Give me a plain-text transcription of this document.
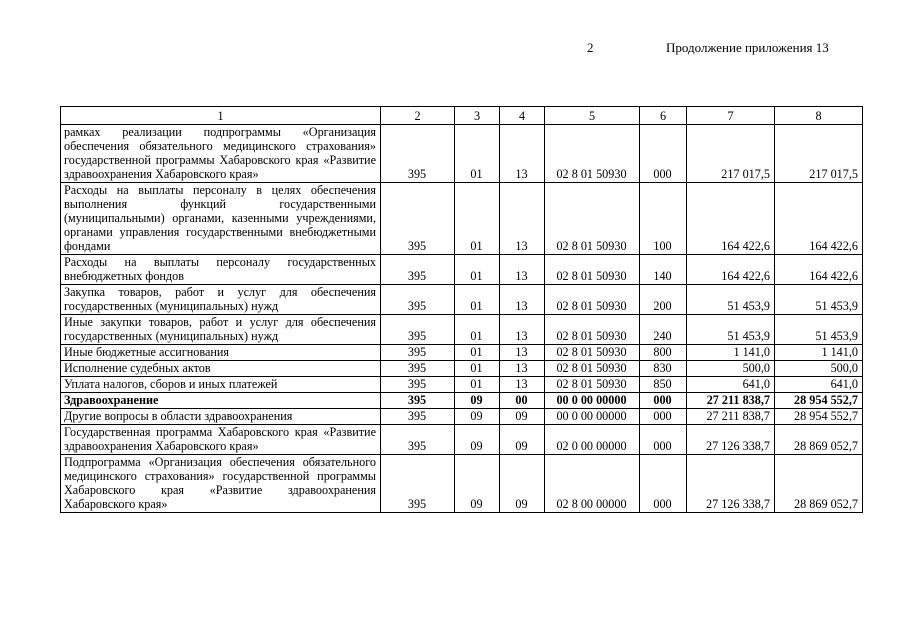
2	Продолжение приложения 13
1	2	3	4	5	6	7	8
рамках реализации подпрограммы «Организация обеспечения обязательного медицинского страхования» государственной программы Хабаровского края «Развитие здравоохранения Хабаровского края»	395	01	13	02 8 01 50930	000	217 017,5	217 017,5
Расходы на выплаты персоналу в целях обеспечения выполнения функций государственными (муниципальными) органами, казенными учреждениями, органами управления государственными внебюджетными фондами	395	01	13	02 8 01 50930	100	164 422,6	164 422,6
Расходы на выплаты персоналу государственных внебюджетных фондов	395	01	13	02 8 01 50930	140	164 422,6	164 422,6
Закупка товаров, работ и услуг для обеспечения государственных (муниципальных) нужд	395	01	13	02 8 01 50930	200	51 453,9	51 453,9
Иные закупки товаров, работ и услуг для обеспечения государственных (муниципальных) нужд	395	01	13	02 8 01 50930	240	51 453,9	51 453,9
Иные бюджетные ассигнования	395	01	13	02 8 01 50930	800	1 141,0	1 141,0
Исполнение судебных актов	395	01	13	02 8 01 50930	830	500,0	500,0
Уплата налогов, сборов и иных платежей	395	01	13	02 8 01 50930	850	641,0	641,0
Здравоохранение	395	09	00	00 0 00 00000	000	27 211 838,7	28 954 552,7
Другие вопросы в области здравоохранения	395	09	09	00 0 00 00000	000	27 211 838,7	28 954 552,7
Государственная программа Хабаровского края «Развитие здравоохранения Хабаровского края»	395	09	09	02 0 00 00000	000	27 126 338,7	28 869 052,7
Подпрограмма «Организация обеспечения обязательного медицинского страхования» государственной программы Хабаровского края «Развитие здравоохранения Хабаровского края»	395	09	09	02 8 00 00000	000	27 126 338,7	28 869 052,7
